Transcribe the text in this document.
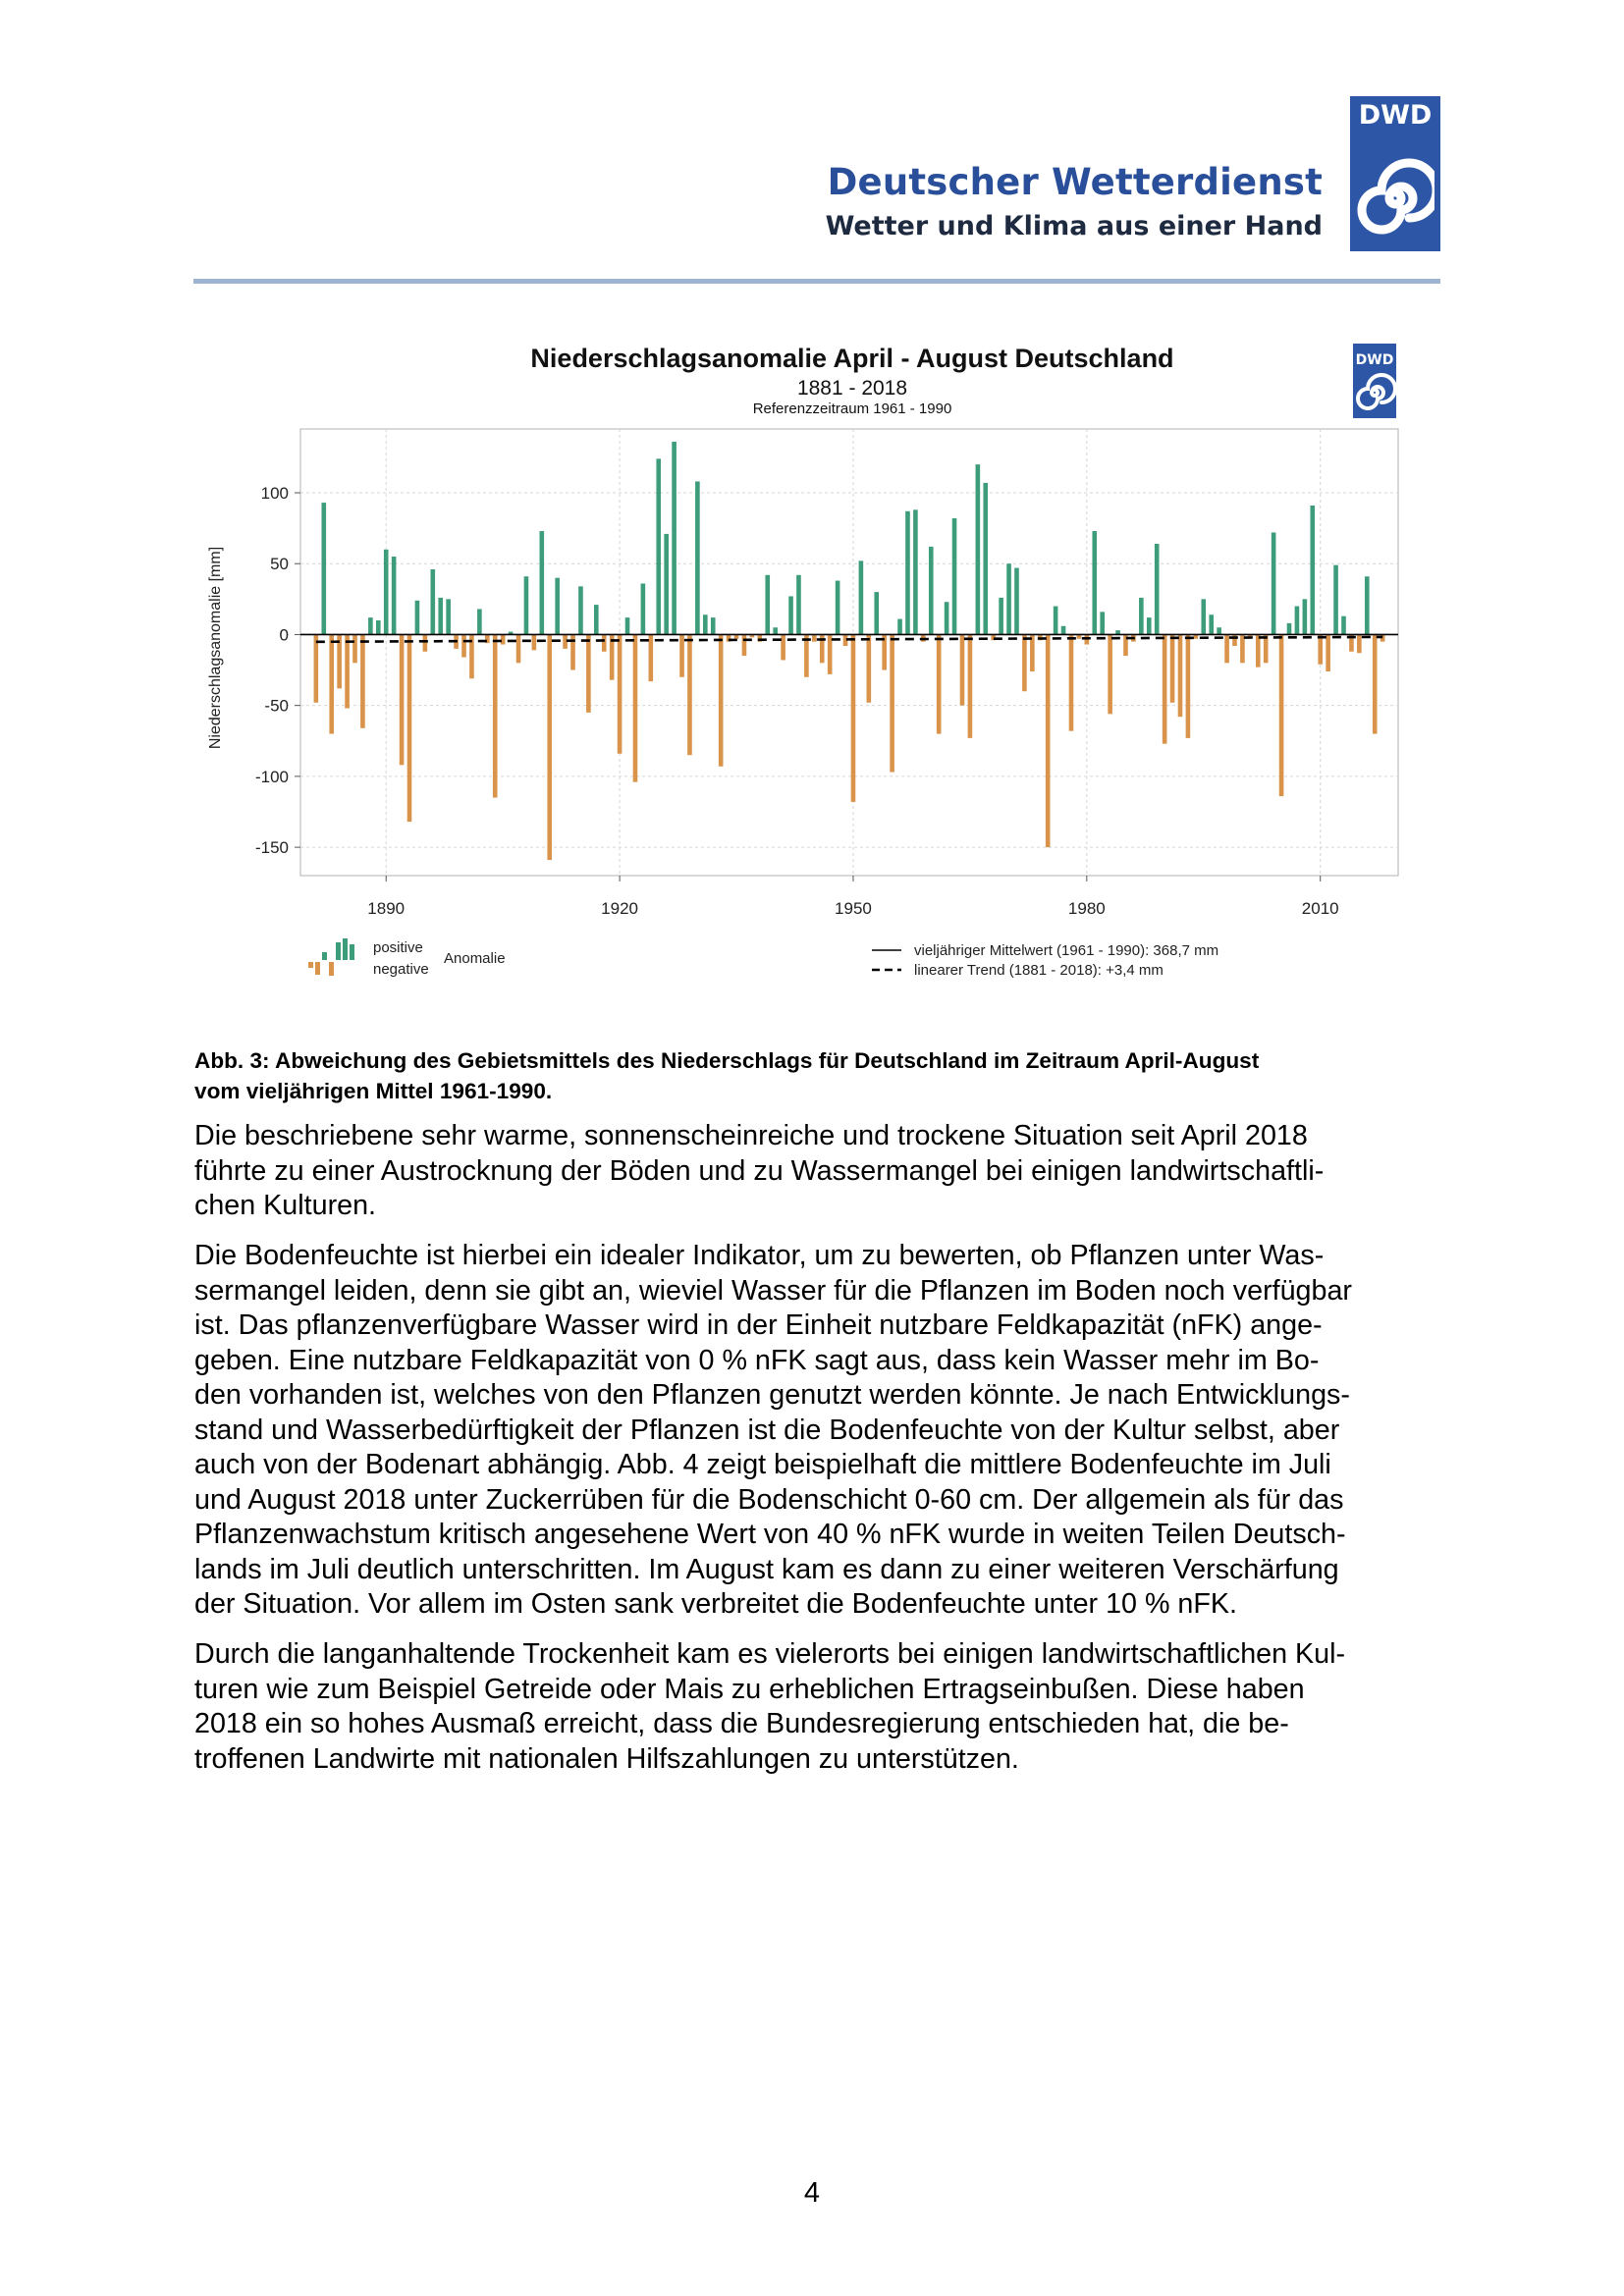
Deutscher Wetterdienst
Wetter und Klima aus einer Hand
DWD
Niederschlagsanomalie April - August Deutschland
1881 - 2018
Referenzzeitraum 1961 - 1990
DWD
Niederschlagsanomalie [mm]
100
50
0
-50
-100
-150
1890	1920	1950	1980	2010
positive
negative
Anomalie	vieljähriger Mittelwert (1961 - 1990): 368,7 mm
linearer Trend (1881 - 2018): +3,4 mm
Abb. 3: Abweichung des Gebietsmittels des Niederschlags für Deutschland im Zeitraum April-August
vom vieljährigen Mittel 1961-1990.
Die beschriebene sehr warme, sonnenscheinreiche und trockene Situation seit April 2018
führte zu einer Austrocknung der Böden und zu Wassermangel bei einigen landwirtschaftli-
chen Kulturen.
Die Bodenfeuchte ist hierbei ein idealer Indikator, um zu bewerten, ob Pflanzen unter Was-
sermangel leiden, denn sie gibt an, wieviel Wasser für die Pflanzen im Boden noch verfügbar
ist. Das pflanzenverfügbare Wasser wird in der Einheit nutzbare Feldkapazität (nFK) ange-
geben. Eine nutzbare Feldkapazität von 0 % nFK sagt aus, dass kein Wasser mehr im Bo-
den vorhanden ist, welches von den Pflanzen genutzt werden könnte. Je nach Entwicklungs-
stand und Wasserbedürftigkeit der Pflanzen ist die Bodenfeuchte von der Kultur selbst, aber
auch von der Bodenart abhängig. Abb. 4 zeigt beispielhaft die mittlere Bodenfeuchte im Juli
und August 2018 unter Zuckerrüben für die Bodenschicht 0-60 cm. Der allgemein als für das
Pflanzenwachstum kritisch angesehene Wert von 40 % nFK wurde in weiten Teilen Deutsch-
lands im Juli deutlich unterschritten. Im August kam es dann zu einer weiteren Verschärfung
der Situation. Vor allem im Osten sank verbreitet die Bodenfeuchte unter 10 % nFK.
Durch die langanhaltende Trockenheit kam es vielerorts bei einigen landwirtschaftlichen Kul-
turen wie zum Beispiel Getreide oder Mais zu erheblichen Ertragseinbußen. Diese haben
2018 ein so hohes Ausmaß erreicht, dass die Bundesregierung entschieden hat, die be-
troffenen Landwirte mit nationalen Hilfszahlungen zu unterstützen.
4
